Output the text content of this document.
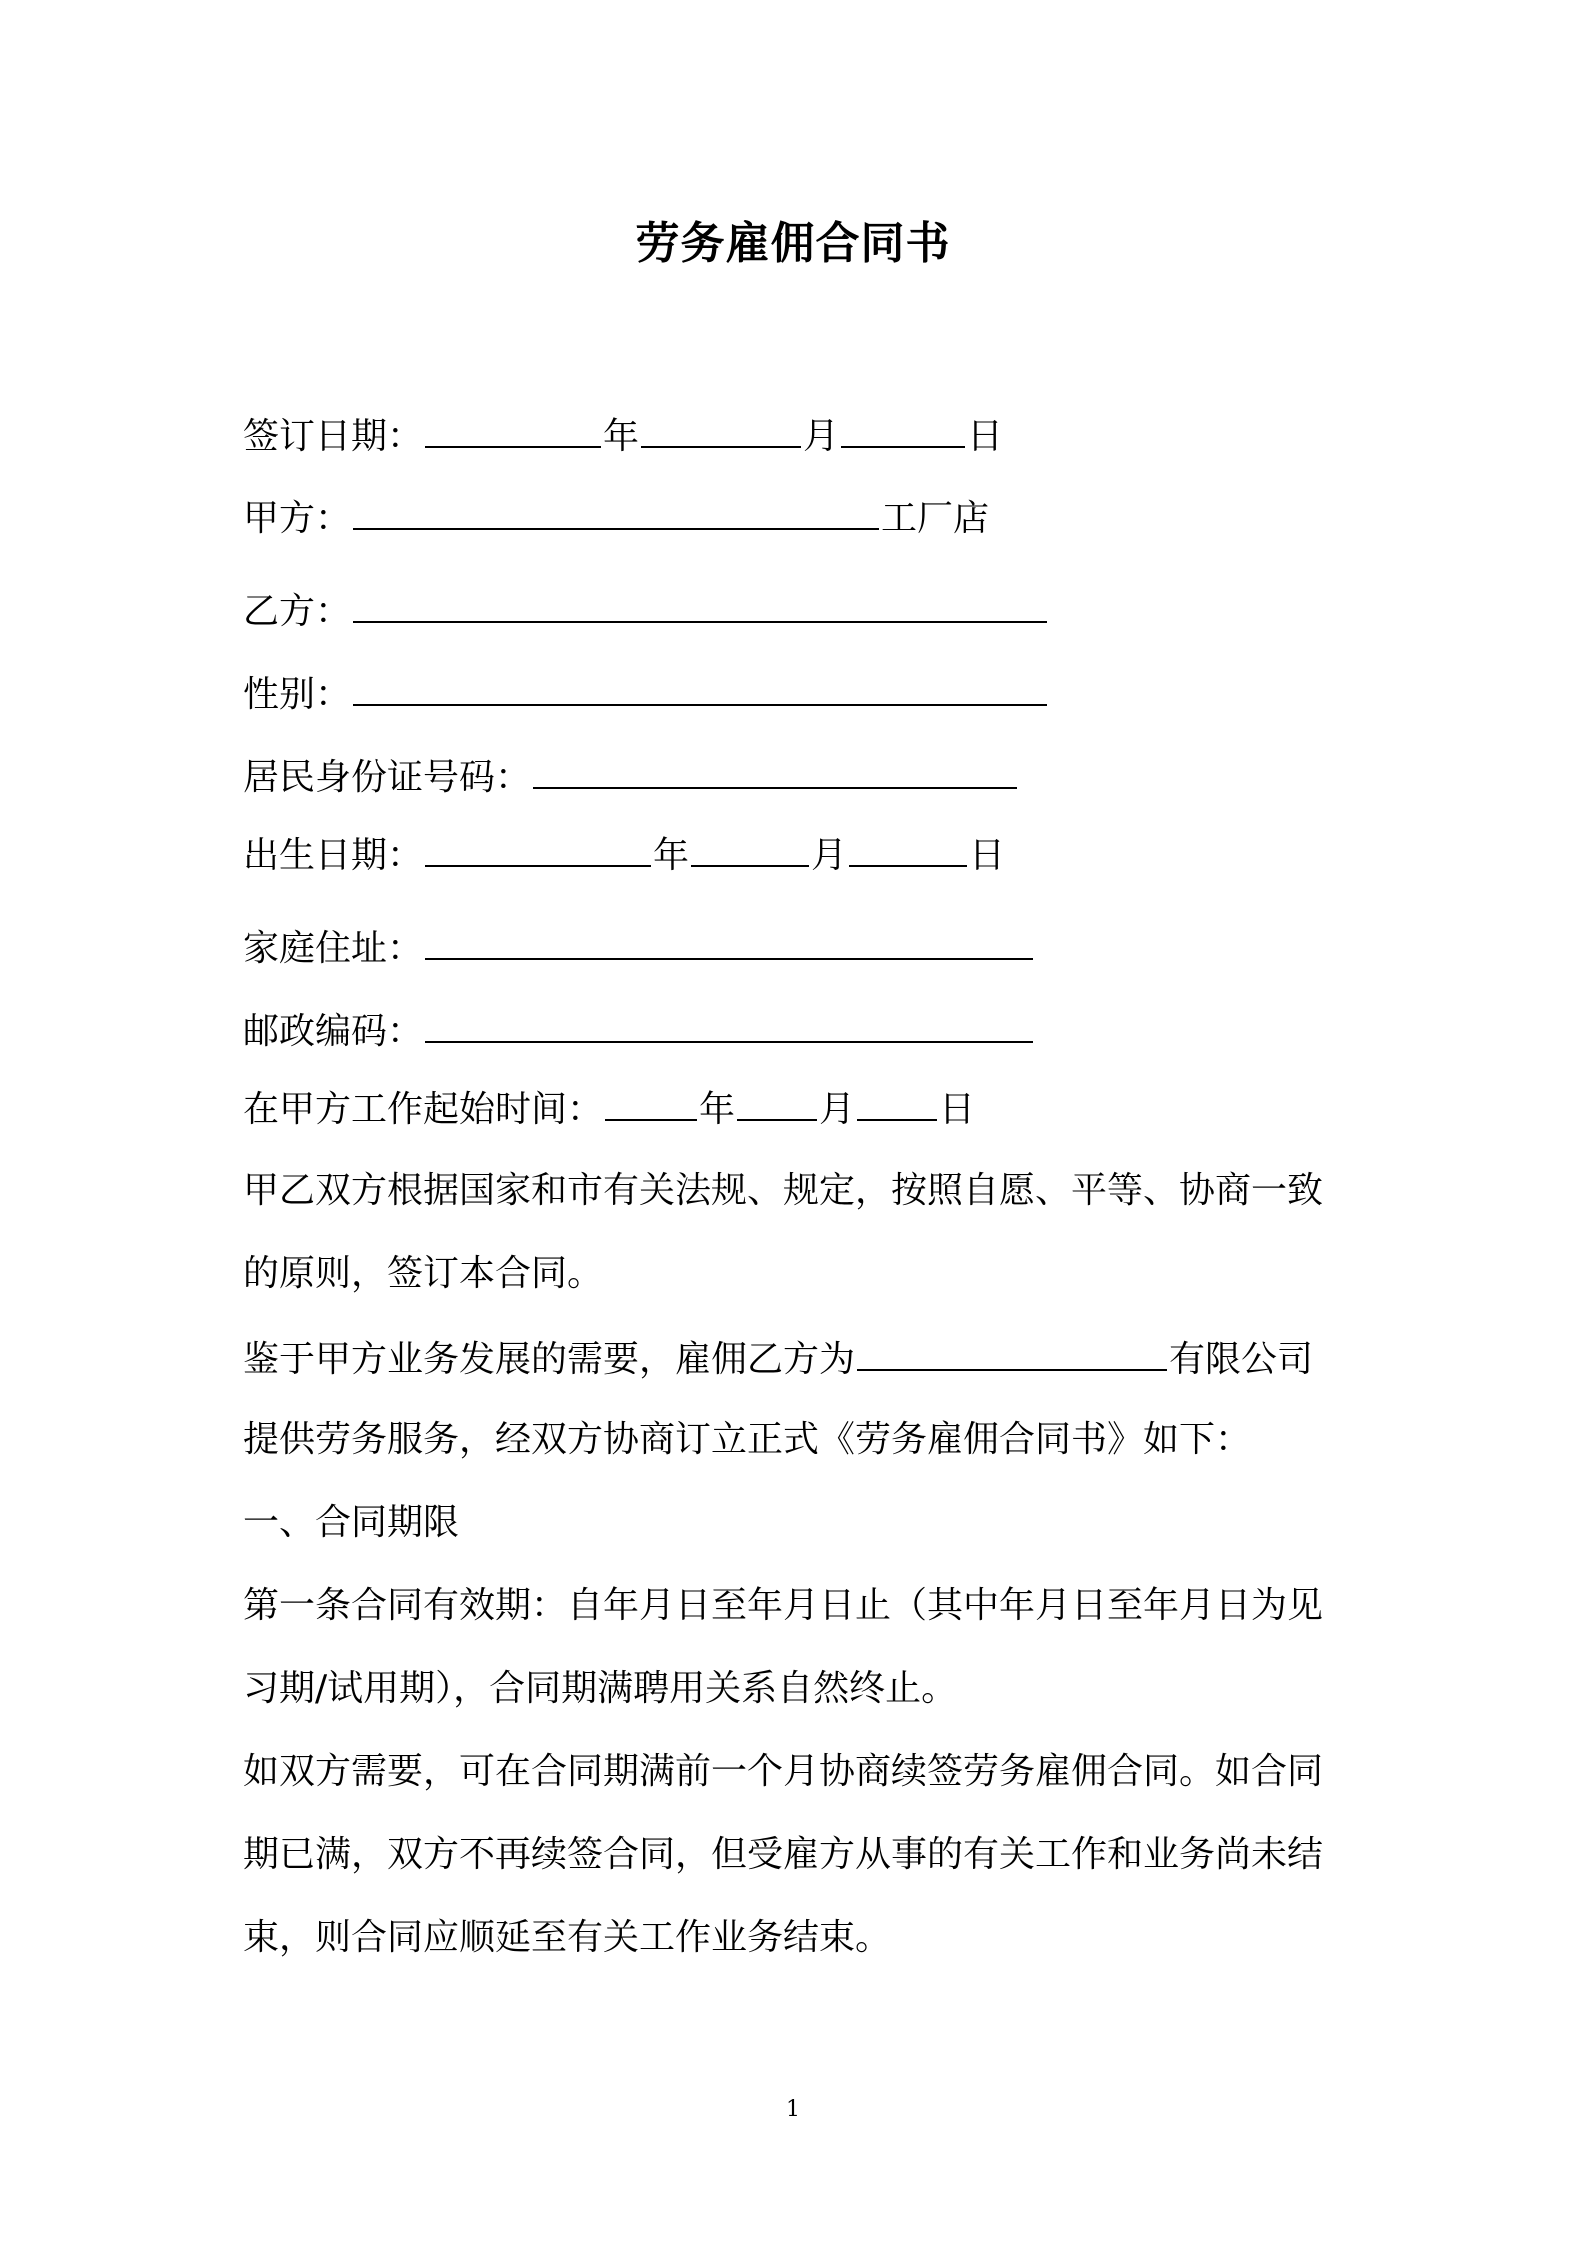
劳务雇佣合同书
签订日期：	年	月	日
甲方：	工厂店
乙方：
性别：
居民身份证号码：
出生日期：	年	月	日
家庭住址：
邮政编码：
在甲方工作起始时间：	年 月 日
甲乙双方根据国家和市有关法规、规定，按照自愿、平等、协商一致
的原则，签订本合同。
鉴于甲方业务发展的需要，雇佣乙方为	有限公司
提供劳务服务，经双方协商订立正式《劳务雇佣合同书》如下：
一、合同期限
第一条合同有效期：自年月日至年月日止（其中年月日至年月日为见
习期/试用期），合同期满聘用关系自然终止。
如双方需要，可在合同期满前一个月协商续签劳务雇佣合同。如合同
期已满，双方不再续签合同，但受雇方从事的有关工作和业务尚未结
束，则合同应顺延至有关工作业务结束。
1
